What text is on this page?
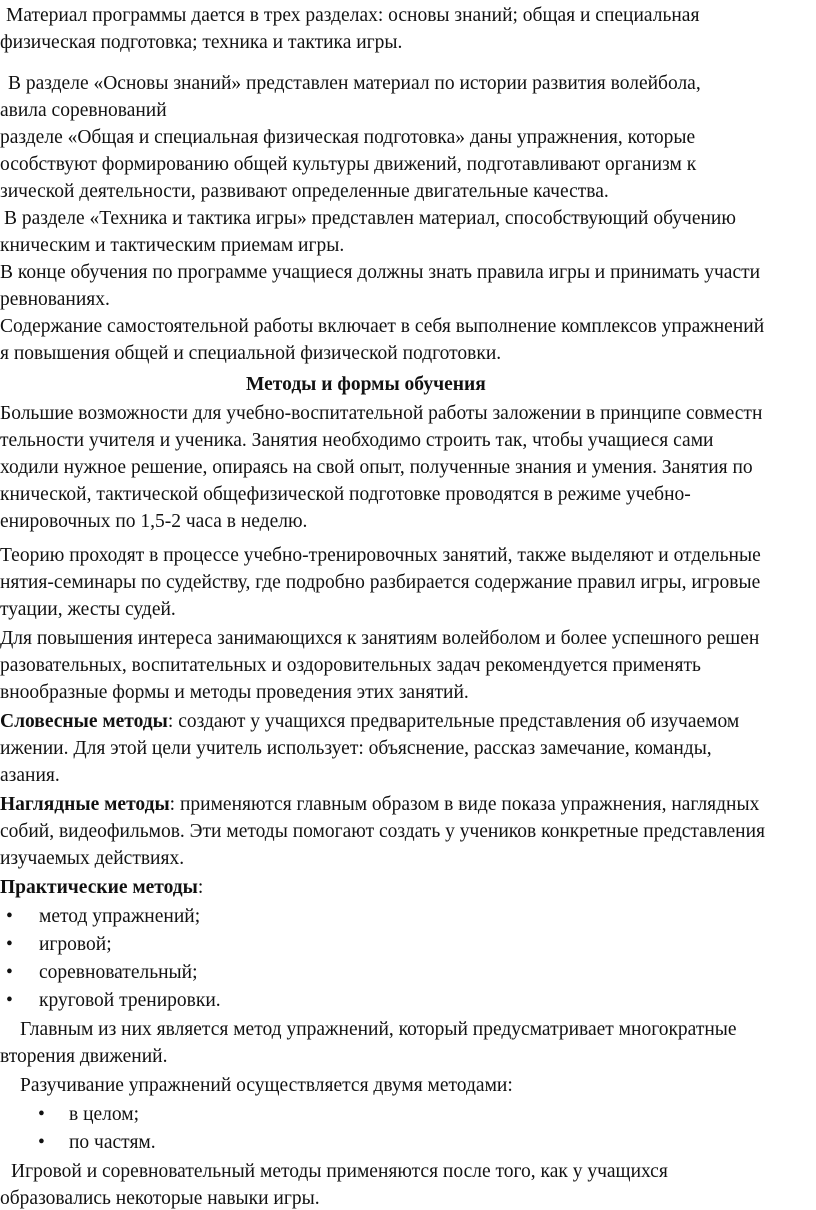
Материал программы дается в трех разделах: основы знаний; общая и специальная
физическая подготовка; техника и тактика игры.
В разделе «Основы знаний» представлен материал по истории развития волейбола,
авила соревнований
разделе «Общая и специальная физическая подготовка» даны упражнения, которые
особствуют формированию общей культуры движений, подготавливают организм к
зической деятельности, развивают определенные двигательные качества.
В разделе «Техника и тактика игры» представлен материал, способствующий обучению
кническим и тактическим приемам игры.
В конце обучения по программе учащиеся должны знать правила игры и принимать участи
ревнованиях.
Содержание самостоятельной работы включает в себя выполнение комплексов упражнений
я повышения общей и специальной физической подготовки.
Методы и формы обучения
Большие возможности для учебно-воспитательной работы заложении в принципе совместн
тельности учителя и ученика. Занятия необходимо строить так, чтобы учащиеся сами
ходили нужное решение, опираясь на свой опыт, полученные знания и умения. Занятия по
кнической, тактической общефизической подготовке проводятся в режиме учебно-
енировочных по 1,5-2 часа в неделю.
Теорию проходят в процессе учебно-тренировочных занятий, также выделяют и отдельные
нятия-семинары по судейству, где подробно разбирается содержание правил игры, игровые
туации, жесты судей.
Для повышения интереса занимающихся к занятиям волейболом и более успешного решен
разовательных, воспитательных и оздоровительных задач рекомендуется применять
внообразные формы и методы проведения этих занятий.
Словесные методы: создают у учащихся предварительные представления об изучаемом
ижении. Для этой цели учитель использует: объяснение, рассказ замечание, команды,
азания.
Наглядные методы: применяются главным образом в виде показа упражнения, наглядных
собий, видеофильмов. Эти методы помогают создать у учеников конкретные представления
изучаемых действиях.
Практические методы:
• метод упражнений;
• игровой;
• соревновательный;
• круговой тренировки.
Главным из них является метод упражнений, который предусматривает многократные
вторения движений.
Разучивание упражнений осуществляется двумя методами:
• в целом;
• по частям.
Игровой и соревновательный методы применяются после того, как у учащихся
образовались некоторые навыки игры.
